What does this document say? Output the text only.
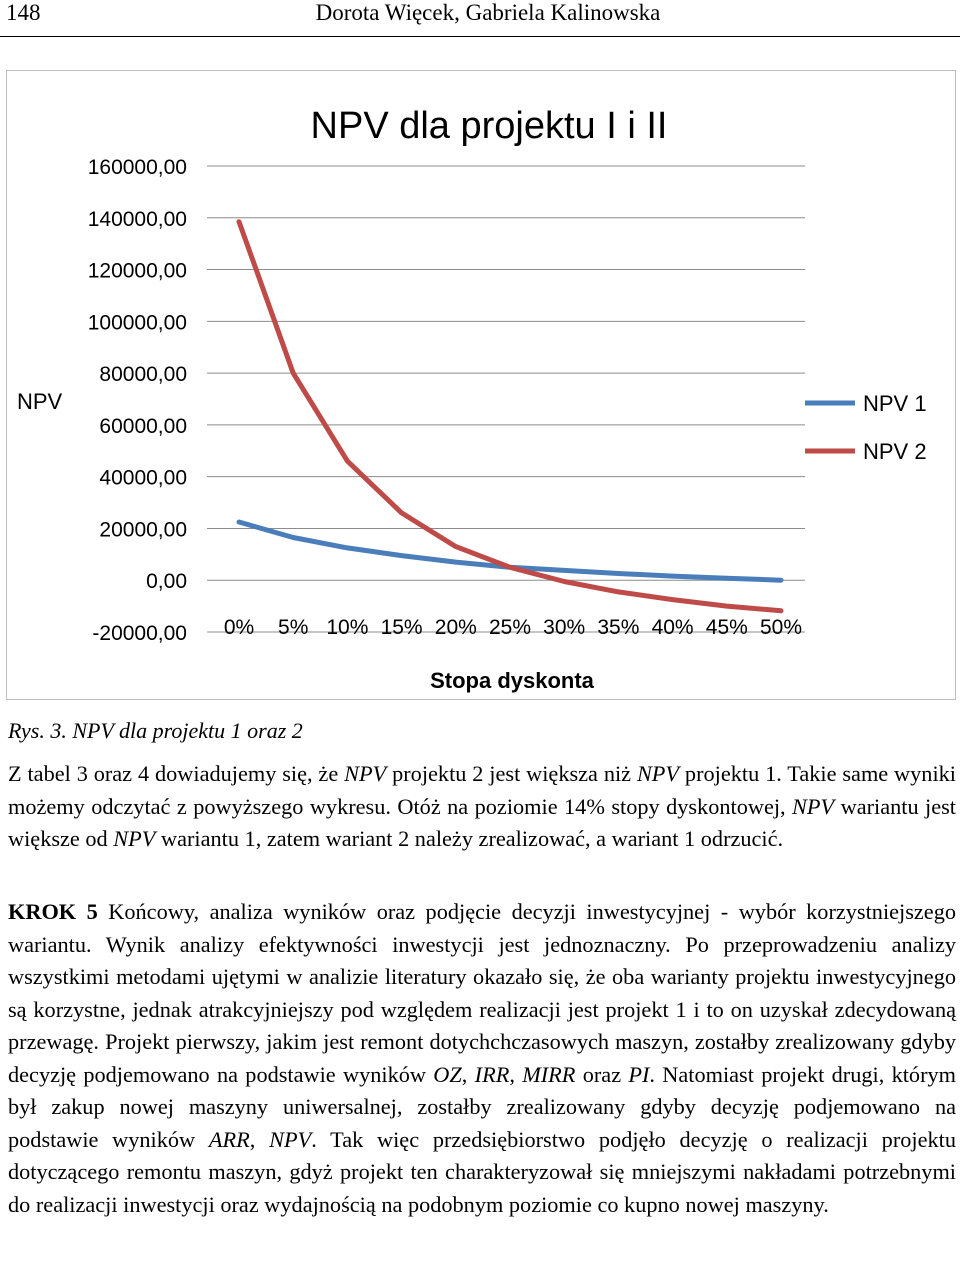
148	Dorota Więcek, Gabriela Kalinowska
NPV dla projektu I i II
NPV
160000,00
140000,00
120000,00
100000,00
80000,00
60000,00
40000,00
20000,00
0,00
-20000,00 0% 5% 10% 15% 20% 25% 30% 35% 40% 45% 50%
Stopa dyskonta
NPV 1
NPV 2
Rys. 3. NPV dla projektu 1 oraz 2
Z tabel 3 oraz 4 dowiadujemy się, że NPV projektu 2 jest większa niż NPV projektu 1. Takie same wyniki możemy odczytać z powyższego wykresu. Otóż na poziomie 14% stopy dyskontowej, NPV wariantu jest większe od NPV wariantu 1, zatem wariant 2 należy zrealizować, a wariant 1 odrzucić.
KROK 5 Końcowy, analiza wyników oraz podjęcie decyzji inwestycyjnej - wybór korzystniejszego wariantu. Wynik analizy efektywności inwestycji jest jednoznaczny. Po przeprowadzeniu analizy wszystkimi metodami ujętymi w analizie literatury okazało się, że oba warianty projektu inwestycyjnego są korzystne, jednak atrakcyjniejszy pod względem realizacji jest projekt 1 i to on uzyskał zdecydowaną przewagę. Projekt pierwszy, jakim jest remont dotychchczasowych maszyn, zostałby zrealizowany gdyby decyzję podjemowano na podstawie wyników OZ, IRR, MIRR oraz PI. Natomiast projekt drugi, którym był zakup nowej maszyny uniwersalnej, zostałby zrealizowany gdyby decyzję podjemowano na podstawie wyników ARR, NPV. Tak więc przedsiębiorstwo podjęło decyzję o realizacji projektu dotyczącego remontu maszyn, gdyż projekt ten charakteryzował się mniejszymi nakładami potrzebnymi do realizacji inwestycji oraz wydajnością na podobnym poziomie co kupno nowej maszyny.
